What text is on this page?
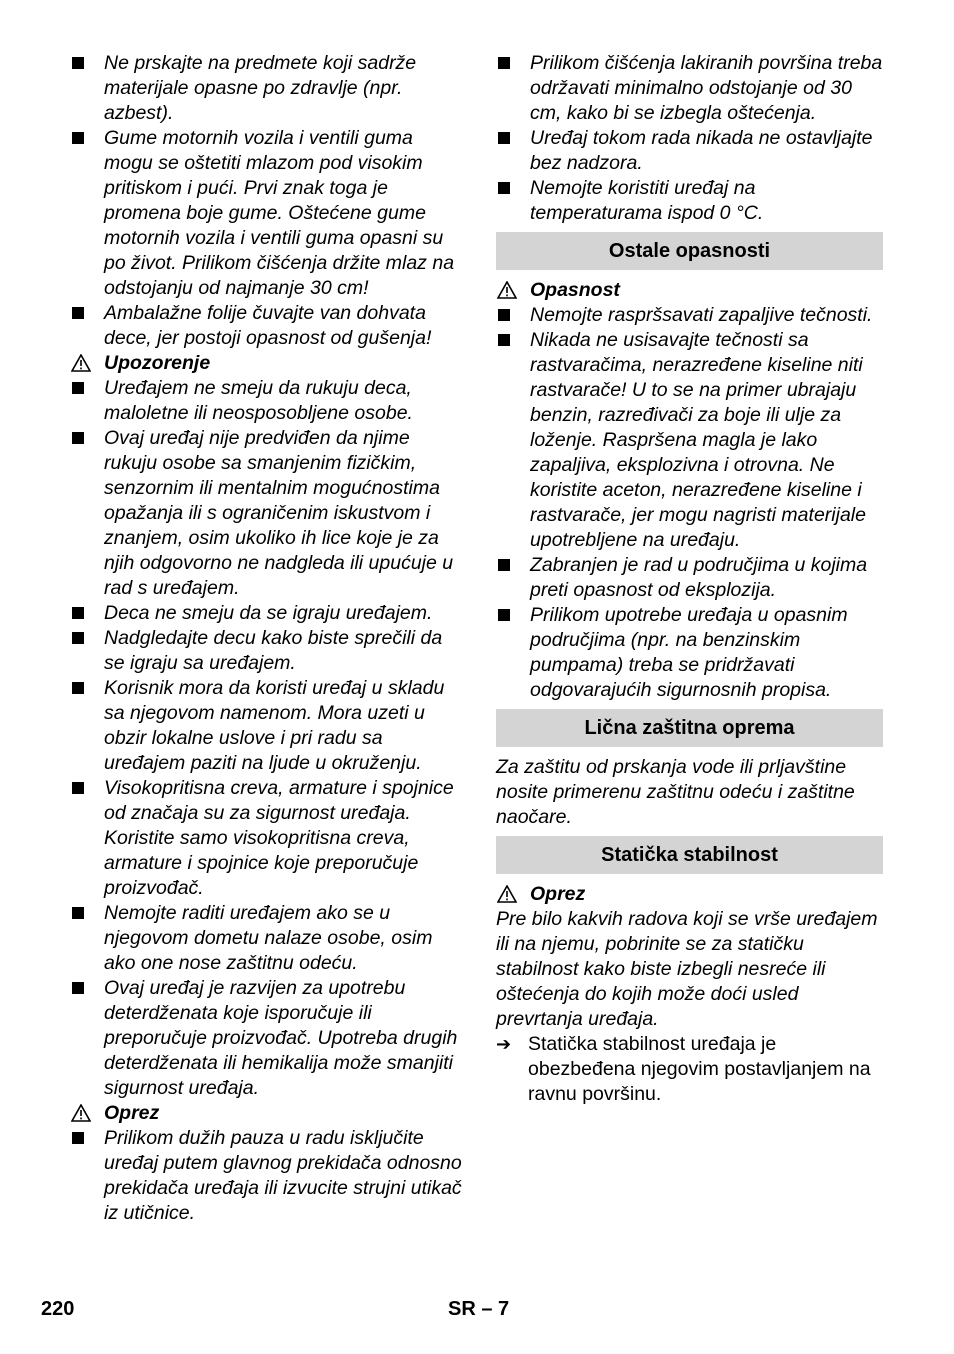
Ne prskajte na predmete koji sadrže materijale opasne po zdravlje (npr. azbest).
Gume motornih vozila i ventili guma mogu se oštetiti mlazom pod visokim pritiskom i pući. Prvi znak toga je promena boje gume. Oštećene gume motornih vozila i ventili guma opasni su po život. Prilikom čišćenja držite mlaz na odstojanju od najmanje 30 cm!
Ambalažne folije čuvajte van dohvata dece, jer postoji opasnost od gušenja!
Upozorenje
Uređajem ne smeju da rukuju deca, maloletne ili neosposobljene osobe.
Ovaj uređaj nije predviđen da njime rukuju osobe sa smanjenim fizičkim, senzornim ili mentalnim mogućnostima opažanja ili s ograničenim iskustvom i znanjem, osim ukoliko ih lice koje je za njih odgovorno ne nadgleda ili upućuje u rad s uređajem.
Deca ne smeju da se igraju uređajem.
Nadgledajte decu kako biste sprečili da se igraju sa uređajem.
Korisnik mora da koristi uređaj u skladu sa njegovom namenom. Mora uzeti u obzir lokalne uslove i pri radu sa uređajem paziti na ljude u okruženju.
Visokopritisna creva, armature i spojnice od značaja su za sigurnost uređaja. Koristite samo visokopritisna creva, armature i spojnice koje preporučuje proizvođač.
Nemojte raditi uređajem ako se u njegovom dometu nalaze osobe, osim ako one nose zaštitnu odeću.
Ovaj uređaj je razvijen za upotrebu deterdženata koje isporučuje ili preporučuje proizvođač. Upotreba drugih deterdženata ili hemikalija može smanjiti sigurnost uređaja.
Oprez
Prilikom dužih pauza u radu isključite uređaj putem glavnog prekidača odnosno prekidača uređaja ili izvucite strujni utikač iz utičnice.
Prilikom čišćenja lakiranih površina treba održavati minimalno odstojanje od 30 cm, kako bi se izbegla oštećenja.
Uređaj tokom rada nikada ne ostavljajte bez nadzora.
Nemojte koristiti uređaj na temperaturama ispod 0 °C.
Ostale opasnosti
Opasnost
Nemojte raspršsavati zapaljive tečnosti.
Nikada ne usisavajte tečnosti sa rastvaračima, nerazređene kiseline niti rastvarače! U to se na primer ubrajaju benzin, razređivači za boje ili ulje za loženje. Raspršena magla je lako zapaljiva, eksplozivna i otrovna. Ne koristite aceton, nerazređene kiseline i rastvarače, jer mogu nagristi materijale upotrebljene na uređaju.
Zabranjen je rad u područjima u kojima preti opasnost od eksplozija.
Prilikom upotrebe uređaja u opasnim područjima (npr. na benzinskim pumpama) treba se pridržavati odgovarajućih sigurnosnih propisa.
Lična zaštitna oprema
Za zaštitu od prskanja vode ili prljavštine nosite primerenu zaštitnu odeću i zaštitne naočare.
Statička stabilnost
Oprez
Pre bilo kakvih radova koji se vrše uređajem ili na njemu, pobrinite se za statičku stabilnost kako biste izbegli nesreće ili oštećenja do kojih može doći usled prevrtanja uređaja.
➔ Statička stabilnost uređaja je obezbeđena njegovim postavljanjem na ravnu površinu.
220	SR – 7
